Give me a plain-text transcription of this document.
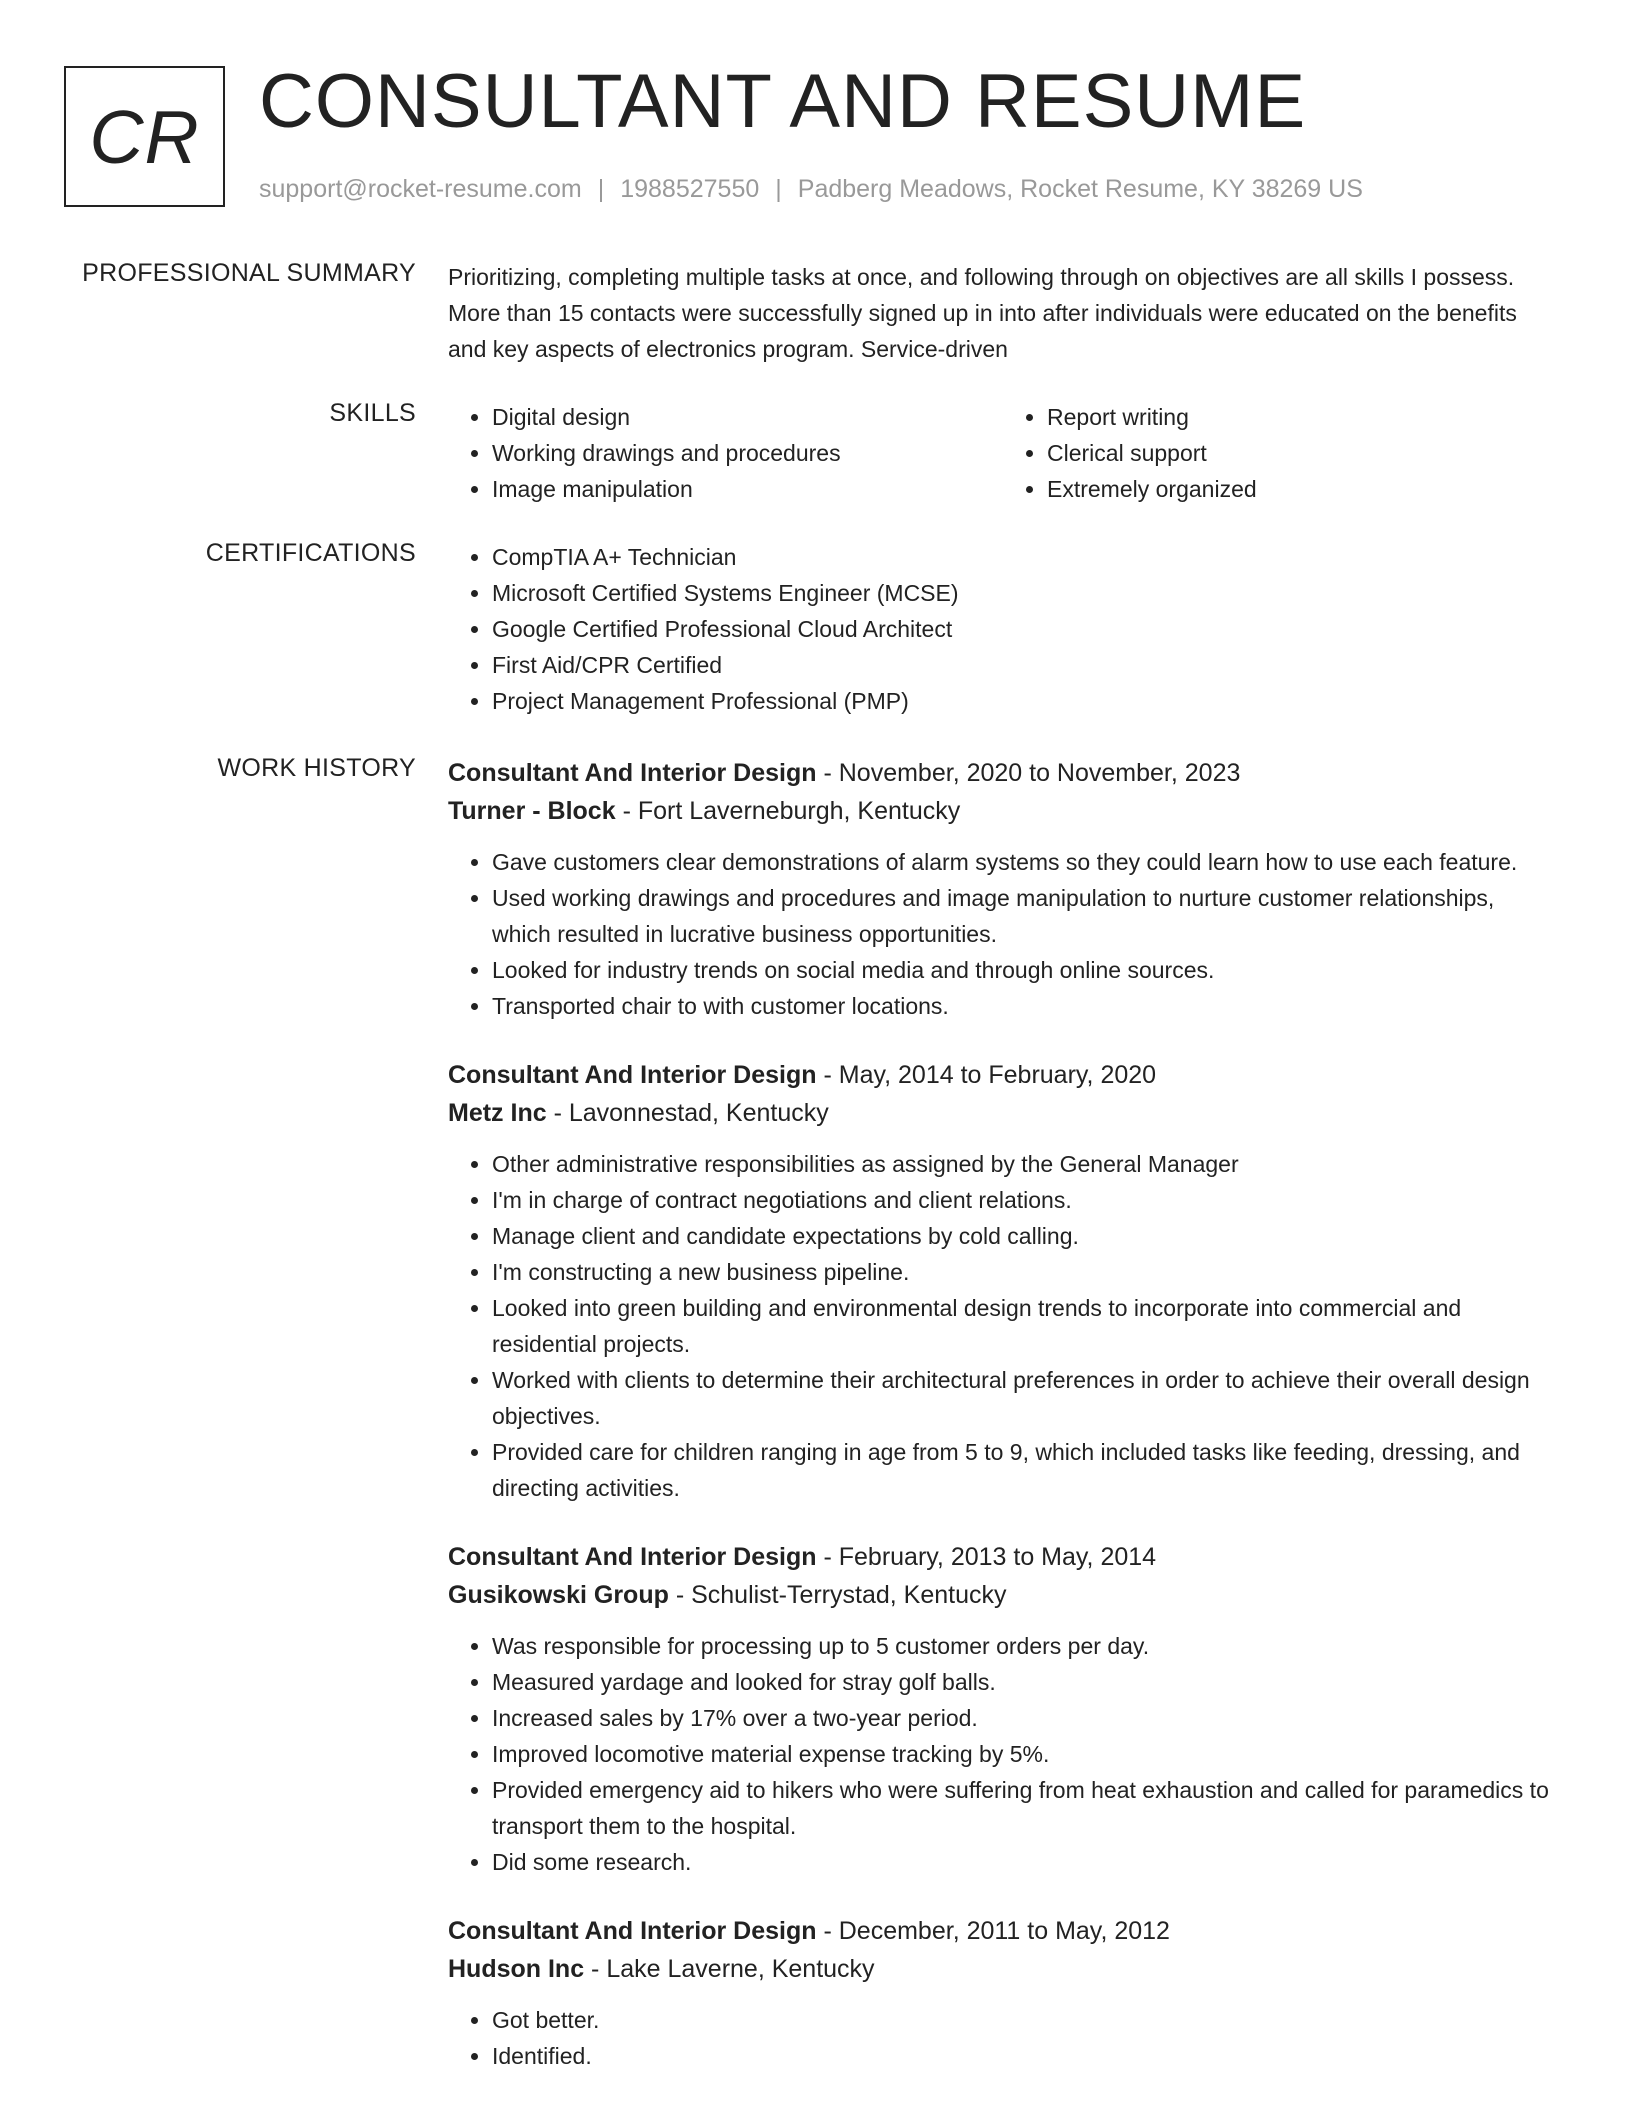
CR CONSULTANT AND RESUME
support@rocket-resume.com | 1988527550 | Padberg Meadows, Rocket Resume, KY 38269 US
PROFESSIONAL SUMMARY Prioritizing, completing multiple tasks at once, and following through on objectives are all skills I possess. More than 15 contacts were successfully signed up in into after individuals were educated on the benefits and key aspects of electronics program. Service-driven

SKILLS	• Digital design
• Working drawings and procedures
• Image manipulation
• Report writing
• Clerical support
• Extremely organized
CERTIFICATIONS	• CompTIA A+ Technician
• Microsoft Certified Systems Engineer (MCSE)
• Google Certified Professional Cloud Architect
• First Aid/CPR Certified
• Project Management Professional (PMP)
WORK HISTORY Consultant And Interior Design - November, 2020 to November, 2023

Turner - Block - Fort Laverneburgh, Kentucky

• Gave customers clear demonstrations of alarm systems so they could learn how to use each feature.
• Used working drawings and procedures and image manipulation to nurture customer relationships, which resulted in lucrative business opportunities.
• Looked for industry trends on social media and through online sources.
• Transported chair to with customer locations.

Consultant And Interior Design - May, 2014 to February, 2020

Metz Inc - Lavonnestad, Kentucky

• Other administrative responsibilities as assigned by the General Manager
• I'm in charge of contract negotiations and client relations.
• Manage client and candidate expectations by cold calling.
• I'm constructing a new business pipeline.
• Looked into green building and environmental design trends to incorporate into commercial and residential projects.
• Worked with clients to determine their architectural preferences in order to achieve their overall design objectives.
• Provided care for children ranging in age from 5 to 9, which included tasks like feeding, dressing, and directing activities.

Consultant And Interior Design - February, 2013 to May, 2014

Gusikowski Group - Schulist-Terrystad, Kentucky

• Was responsible for processing up to 5 customer orders per day.
• Measured yardage and looked for stray golf balls.
• Increased sales by 17% over a two-year period.
• Improved locomotive material expense tracking by 5%.
• Provided emergency aid to hikers who were suffering from heat exhaustion and called for paramedics to transport them to the hospital.
• Did some research.

Consultant And Interior Design - December, 2011 to May, 2012

Hudson Inc - Lake Laverne, Kentucky

• Got better.
• Identified.
